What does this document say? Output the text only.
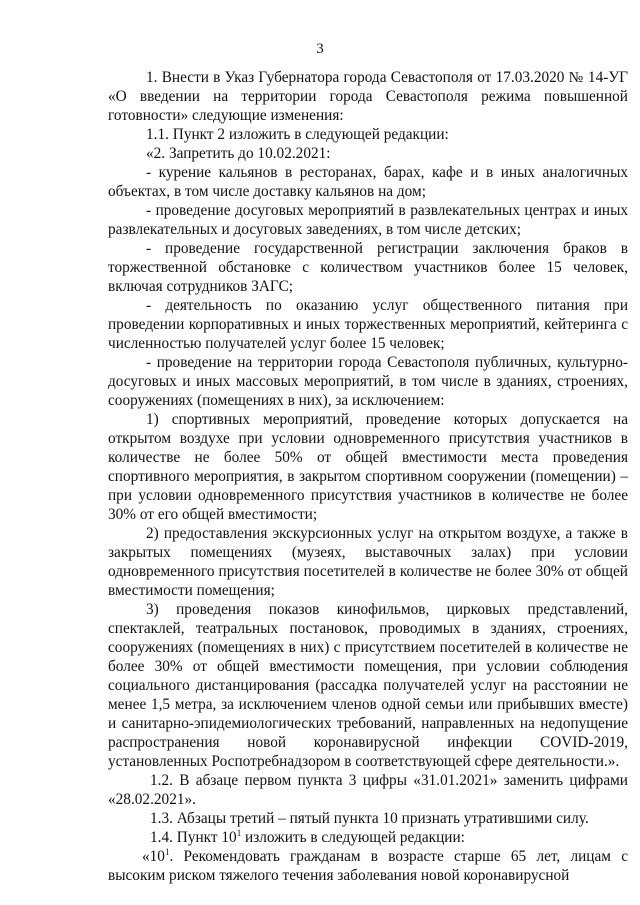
3

1. Внести в Указ Губернатора города Севастополя от 17.03.2020 № 14-УГ «О введении на территории города Севастополя режима повышенной готовности» следующие изменения:

1.1. Пункт 2 изложить в следующей редакции:

«2. Запретить до 10.02.2021:

- курение кальянов в ресторанах, барах, кафе и в иных аналогичных объектах, в том числе доставку кальянов на дом;

- проведение досуговых мероприятий в развлекательных центрах и иных развлекательных и досуговых заведениях, в том числе детских;

- проведение государственной регистрации заключения браков в торжественной обстановке с количеством участников более 15 человек, включая сотрудников ЗАГС;

- деятельность по оказанию услуг общественного питания при проведении корпоративных и иных торжественных мероприятий, кейтеринга с численностью получателей услуг более 15 человек;

- проведение на территории города Севастополя публичных, культурно-досуговых и иных массовых мероприятий, в том числе в зданиях, строениях, сооружениях (помещениях в них), за исключением:

1) спортивных мероприятий, проведение которых допускается на открытом воздухе при условии одновременного присутствия участников в количестве не более 50% от общей вместимости места проведения спортивного мероприятия, в закрытом спортивном сооружении (помещении) – при условии одновременного присутствия участников в количестве не более 30% от его общей вместимости;

2) предоставления экскурсионных услуг на открытом воздухе, а также в закрытых помещениях (музеях, выставочных залах) при условии одновременного присутствия посетителей в количестве не более 30% от общей вместимости помещения;

3) проведения показов кинофильмов, цирковых представлений, спектаклей, театральных постановок, проводимых в зданиях, строениях, сооружениях (помещениях в них) с присутствием посетителей в количестве не более 30% от общей вместимости помещения, при условии соблюдения социального дистанцирования (рассадка получателей услуг на расстоянии не менее 1,5 метра, за исключением членов одной семьи или прибывших вместе) и санитарно-эпидемиологических требований, направленных на недопущение распространения новой коронавирусной инфекции COVID-2019, установленных Роспотребнадзором в соответствующей сфере деятельности.».

1.2. В абзаце первом пункта 3 цифры «31.01.2021» заменить цифрами «28.02.2021».

1.3. Абзацы третий – пятый пункта 10 признать утратившими силу.

1.4. Пункт $10^1$ изложить в следующей редакции:

«$10^1$. Рекомендовать гражданам в возрасте старше 65 лет, лицам с высоким риском тяжелого течения заболевания новой коронавирусной
